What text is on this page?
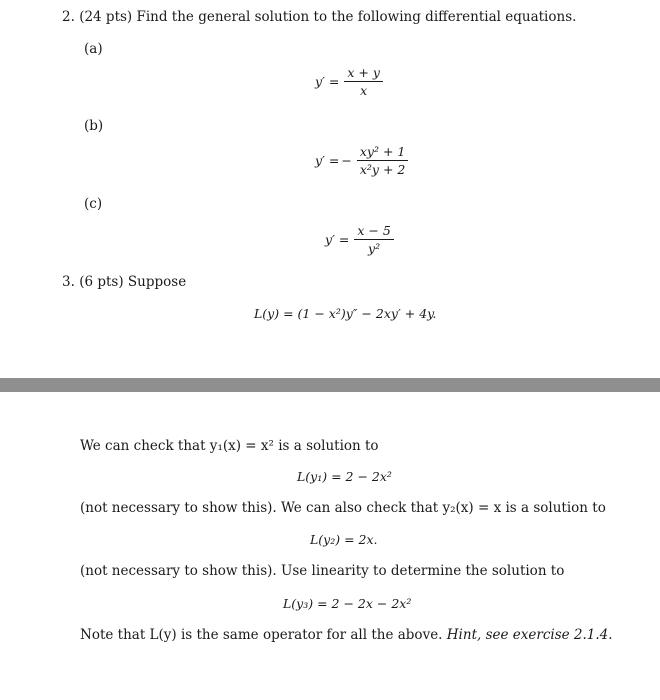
2. (24 pts) Find the general solution to the following differential equations.
(a)
$y' = \frac{x + y}{x}$
(b)
y′ = − $\frac{\text{xy² + 1}}{\text{x²y + 2}}$
(c)
$y' = \frac{x - 5}{\text{y²}}$
3. (6 pts) Suppose
L(y) = (1 − x²)y″ − 2xy′ + 4y.
We can check that y₁(x) = x² is a solution to
L(y₁) = 2 − 2x²
(not necessary to show this). We can also check that y₂(x) = x is a solution to
L(y₂) = 2x.
(not necessary to show this). Use linearity to determine the solution to
L(y₃) = 2 − 2x − 2x²
Note that L(y) is the same operator for all the above. Hint, see exercise 2.1.4.
